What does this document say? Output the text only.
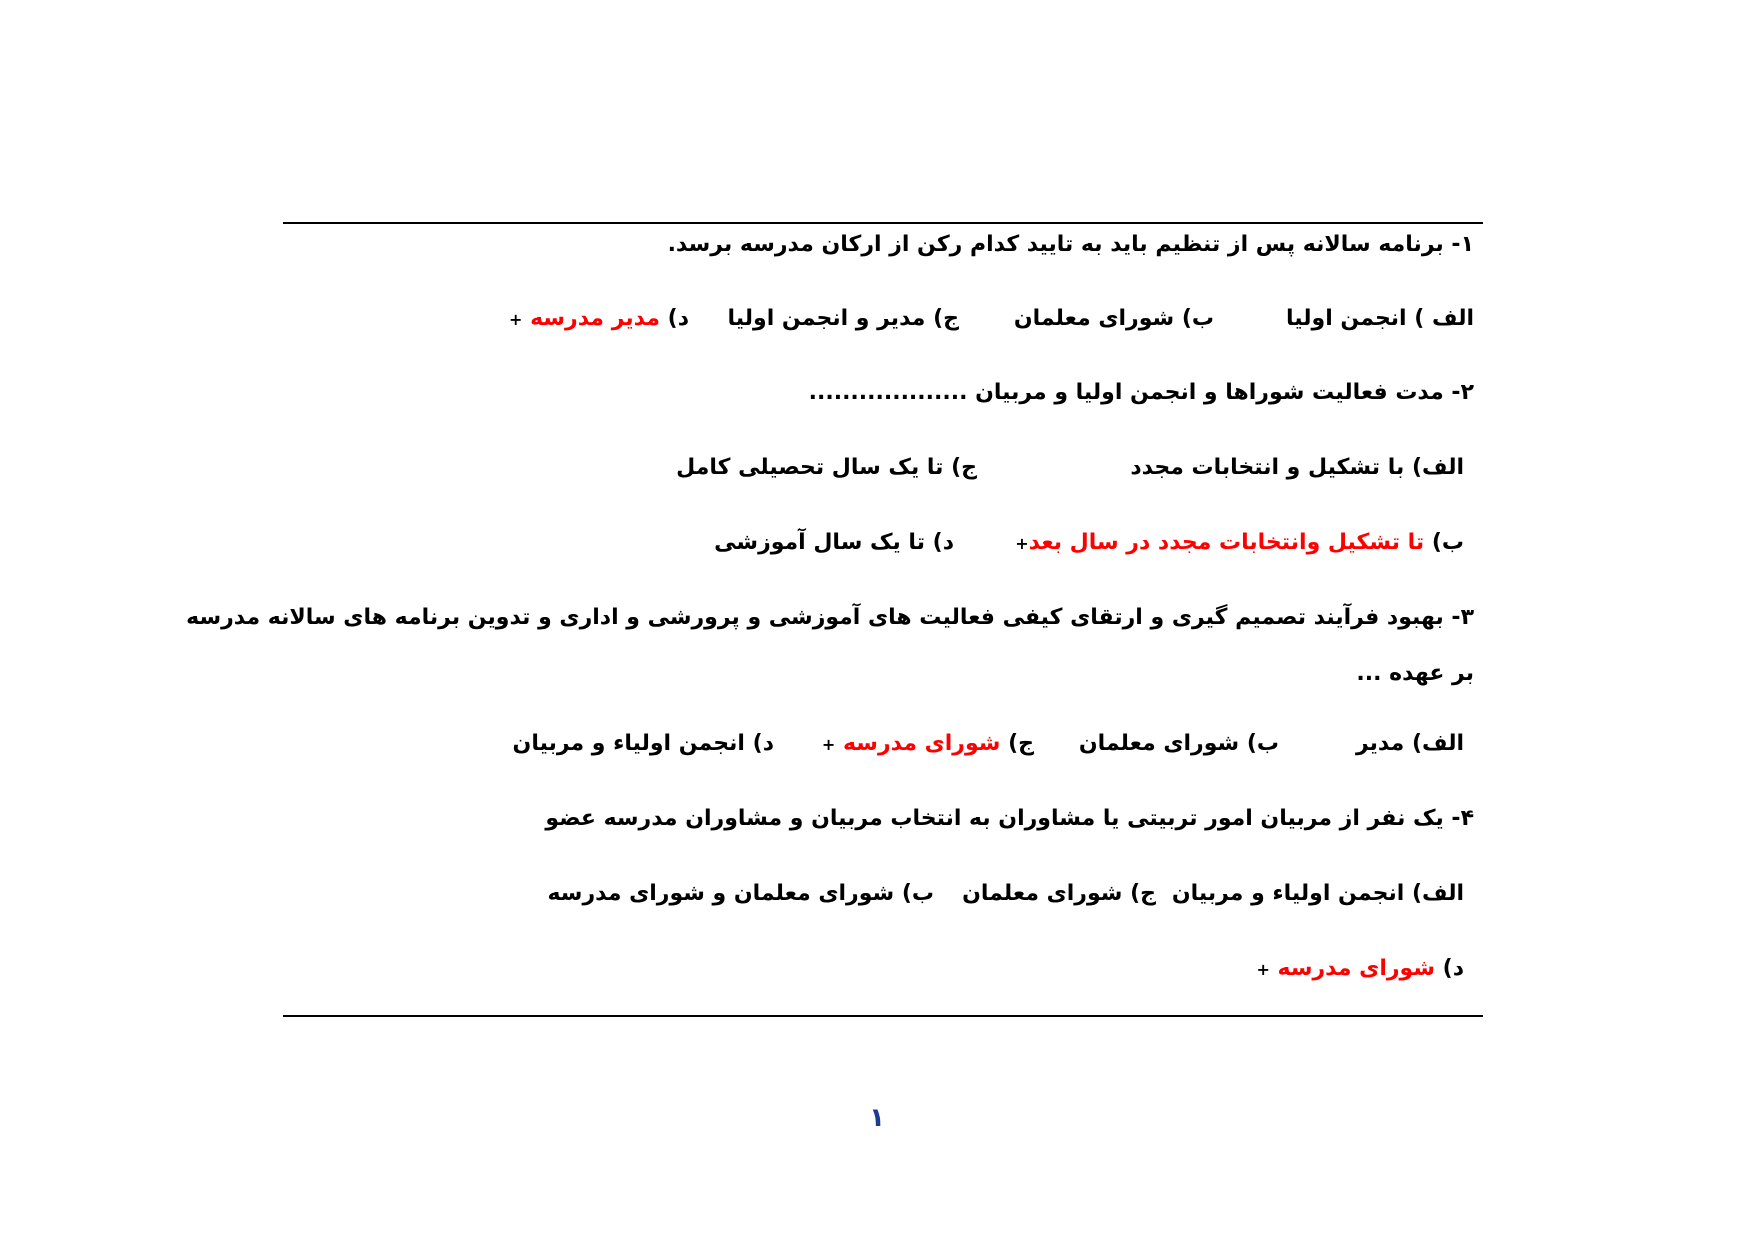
۱- برنامه سالانه پس از تنظیم باید به تایید کدام رکن از ارکان مدرسه برسد.
الف ) انجمن اولیا
ب) شورای معلمان
ج) مدیر و انجمن اولیا
د) مدیر مدرسه +
۲- مدت فعالیت شوراها و انجمن اولیا و مربیان ...................
الف) با تشکیل و انتخابات مجدد
ج) تا یک سال تحصیلی کامل
ب) تا تشکیل وانتخابات مجدد در سال بعد+
د) تا یک سال آموزشی
۳- بهبود فرآیند تصمیم گیری و ارتقای کیفی فعالیت های آموزشی و پرورشی و اداری و تدوین برنامه های سالانه مدرسه
بر عهده ...
الف) مدیر
ب) شورای معلمان
ج) شورای مدرسه +
د) انجمن اولیاء و مربیان
۴- یک نفر از مربیان امور تربیتی یا مشاوران به انتخاب مربیان و مشاوران مدرسه عضو
الف) انجمن اولیاء و مربیان
ج) شورای معلمان
ب) شورای معلمان و شورای مدرسه
د) شورای مدرسه +
۱
